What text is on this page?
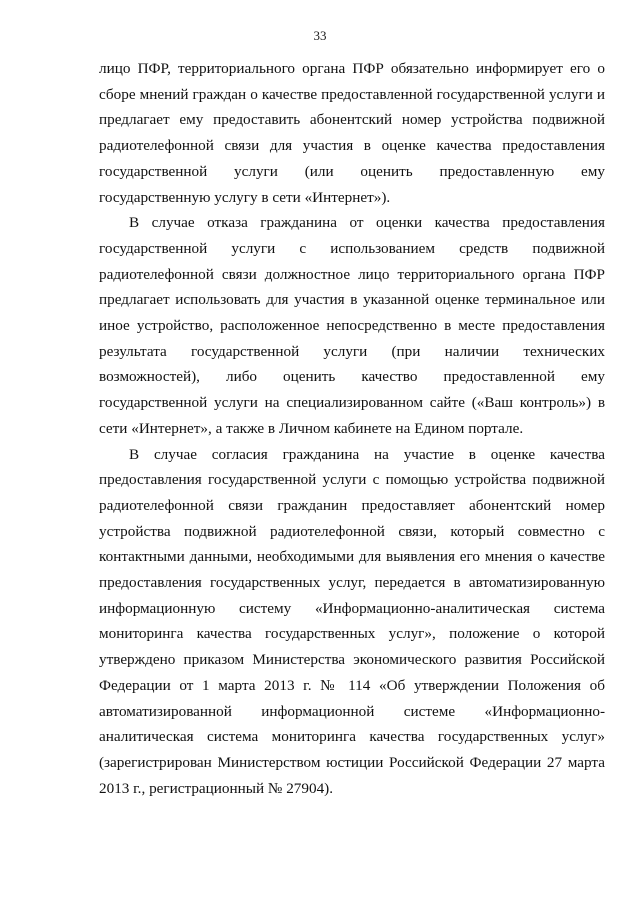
33

лицо ПФР, территориального органа ПФР обязательно информирует его о сборе мнений граждан о качестве предоставленной государственной услуги и предлагает ему предоставить абонентский номер устройства подвижной радиотелефонной связи для участия в оценке качества предоставления государственной услуги (или оценить предоставленную ему государственную услугу в сети «Интернет»).

В случае отказа гражданина от оценки качества предоставления государственной услуги с использованием средств подвижной радиотелефонной связи должностное лицо территориального органа ПФР предлагает использовать для участия в указанной оценке терминальное или иное устройство, расположенное непосредственно в месте предоставления результата государственной услуги (при наличии технических возможностей), либо оценить качество предоставленной ему государственной услуги на специализированном сайте («Ваш контроль») в сети «Интернет», а также в Личном кабинете на Едином портале.

В случае согласия гражданина на участие в оценке качества предоставления государственной услуги с помощью устройства подвижной радиотелефонной связи гражданин предоставляет абонентский номер устройства подвижной радиотелефонной связи, который совместно с контактными данными, необходимыми для выявления его мнения о качестве предоставления государственных услуг, передается в автоматизированную информационную систему «Информационно-аналитическая система мониторинга качества государственных услуг», положение о которой утверждено приказом Министерства экономического развития Российской Федерации от 1 марта 2013 г. № 114 «Об утверждении Положения об автоматизированной информационной системе «Информационно-аналитическая система мониторинга качества государственных услуг» (зарегистрирован Министерством юстиции Российской Федерации 27 марта 2013 г., регистрационный № 27904).
